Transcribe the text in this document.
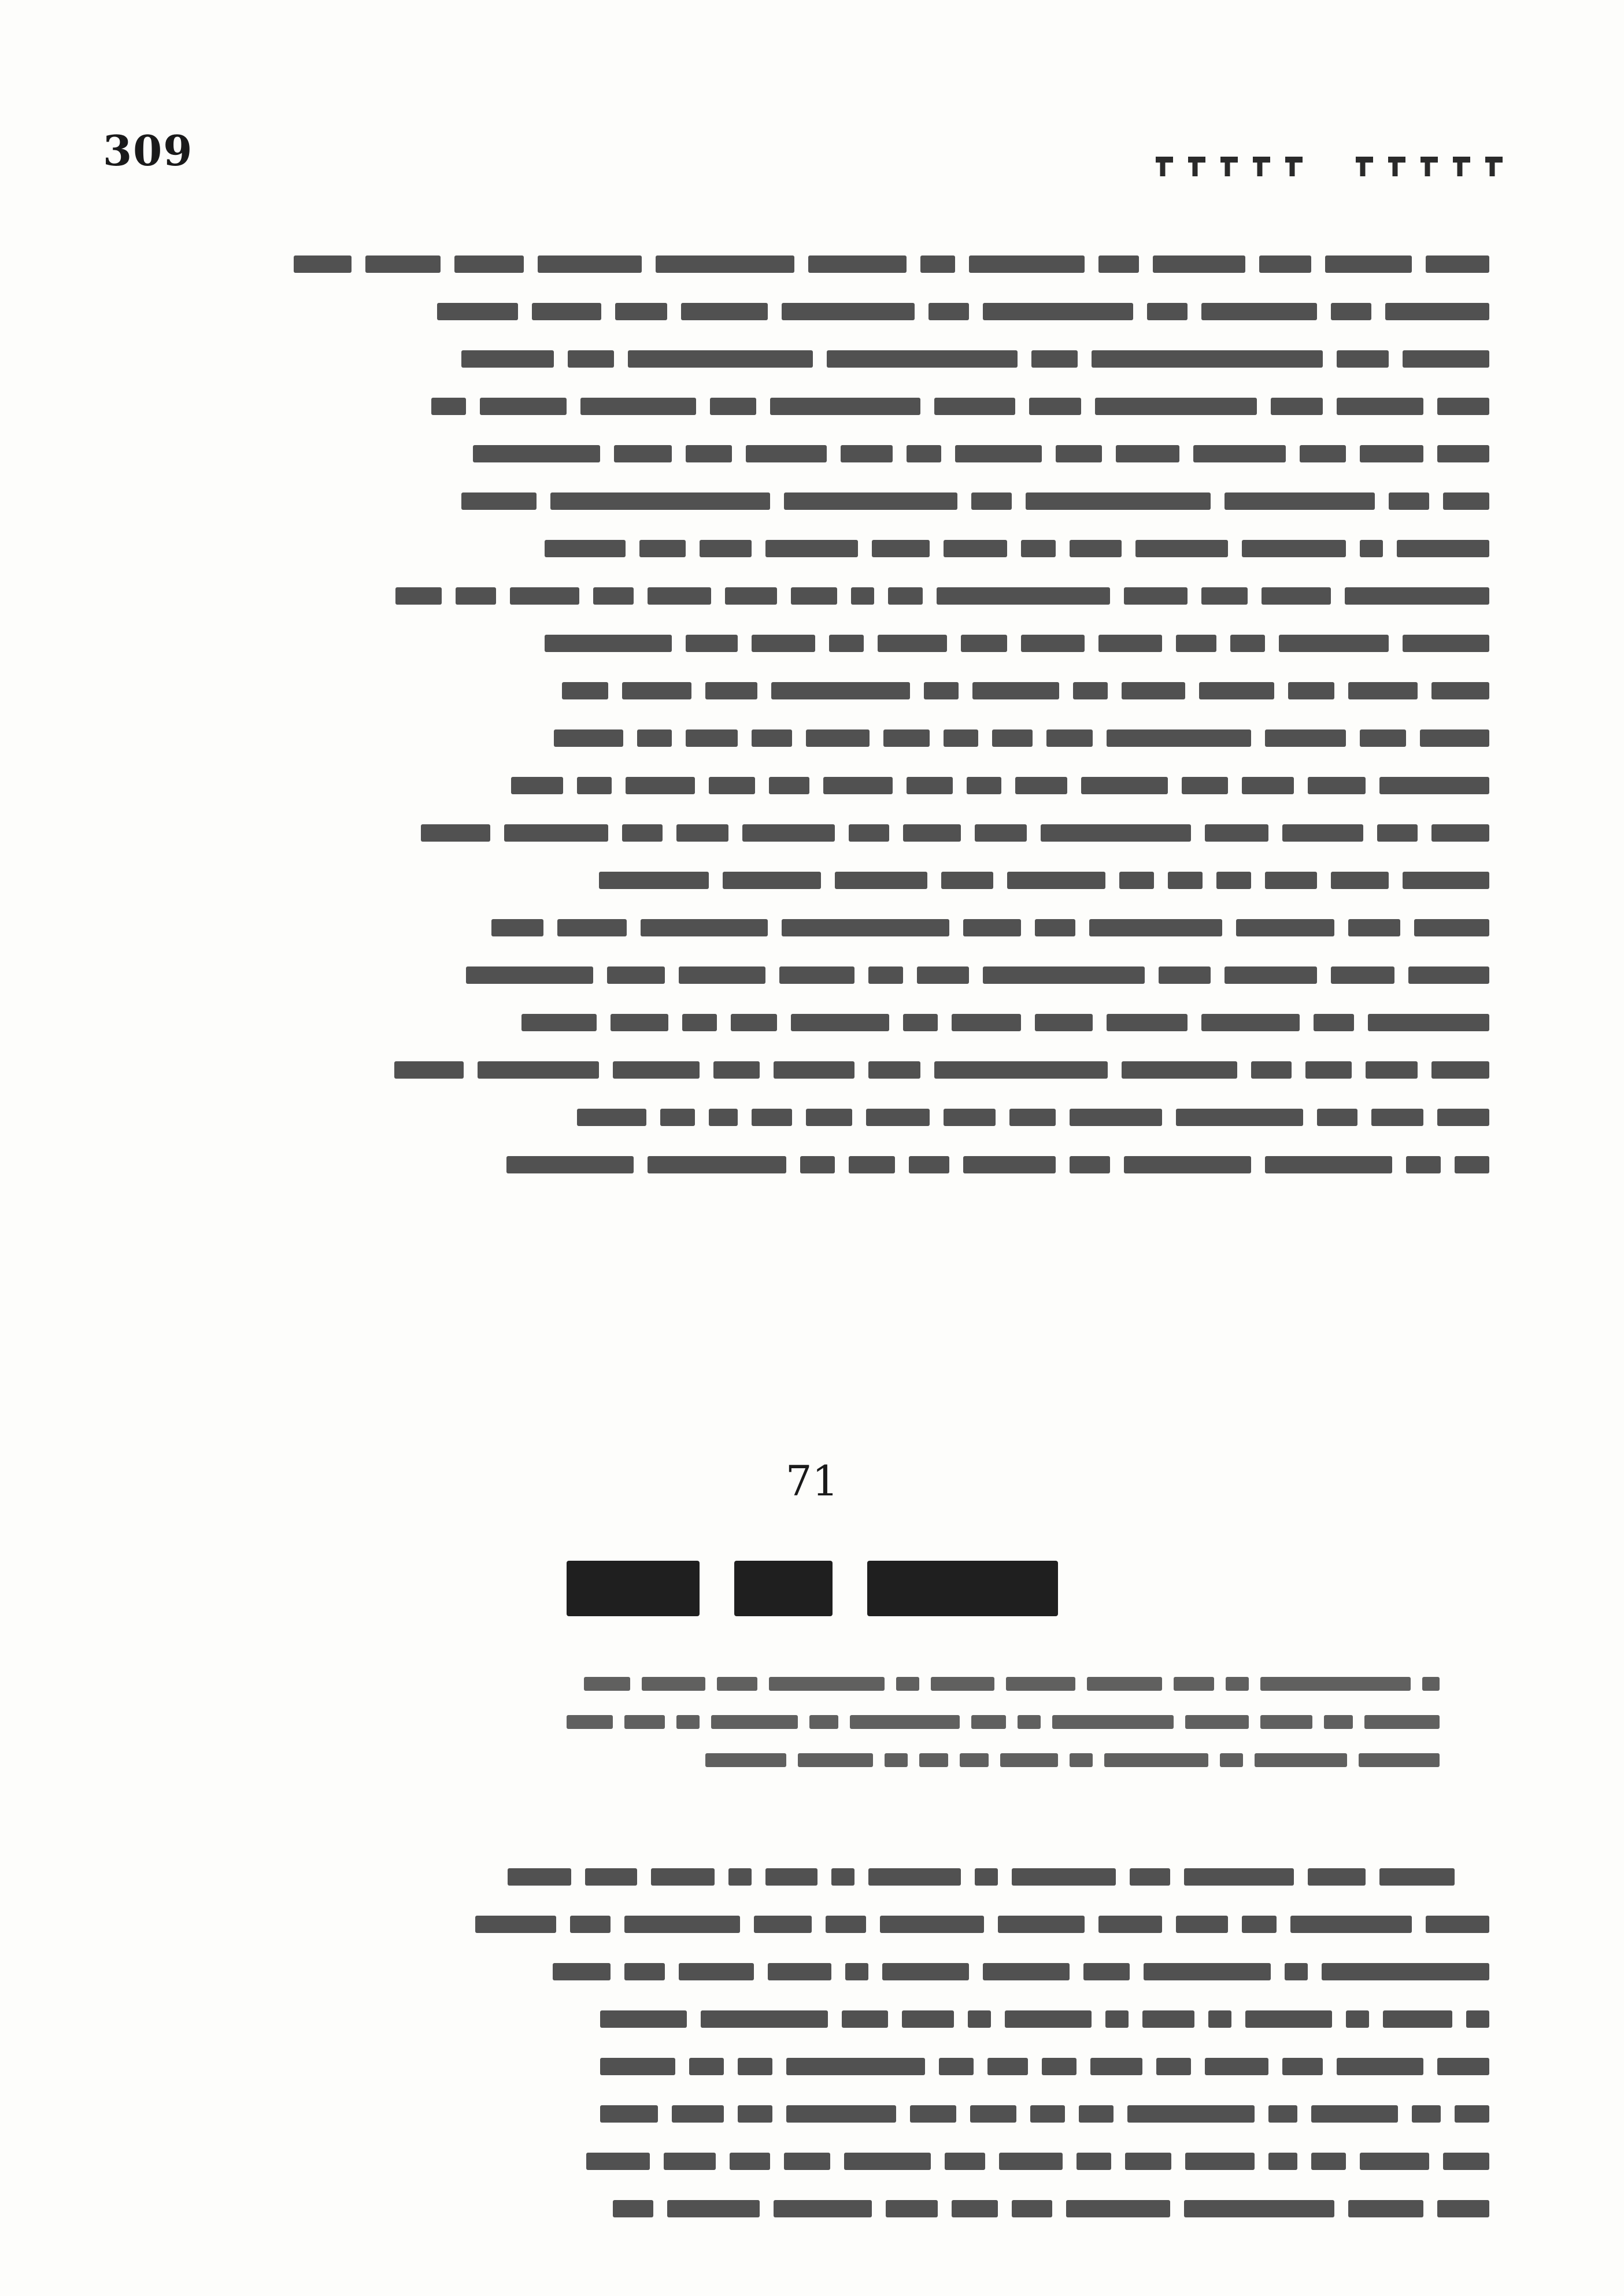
309
71
